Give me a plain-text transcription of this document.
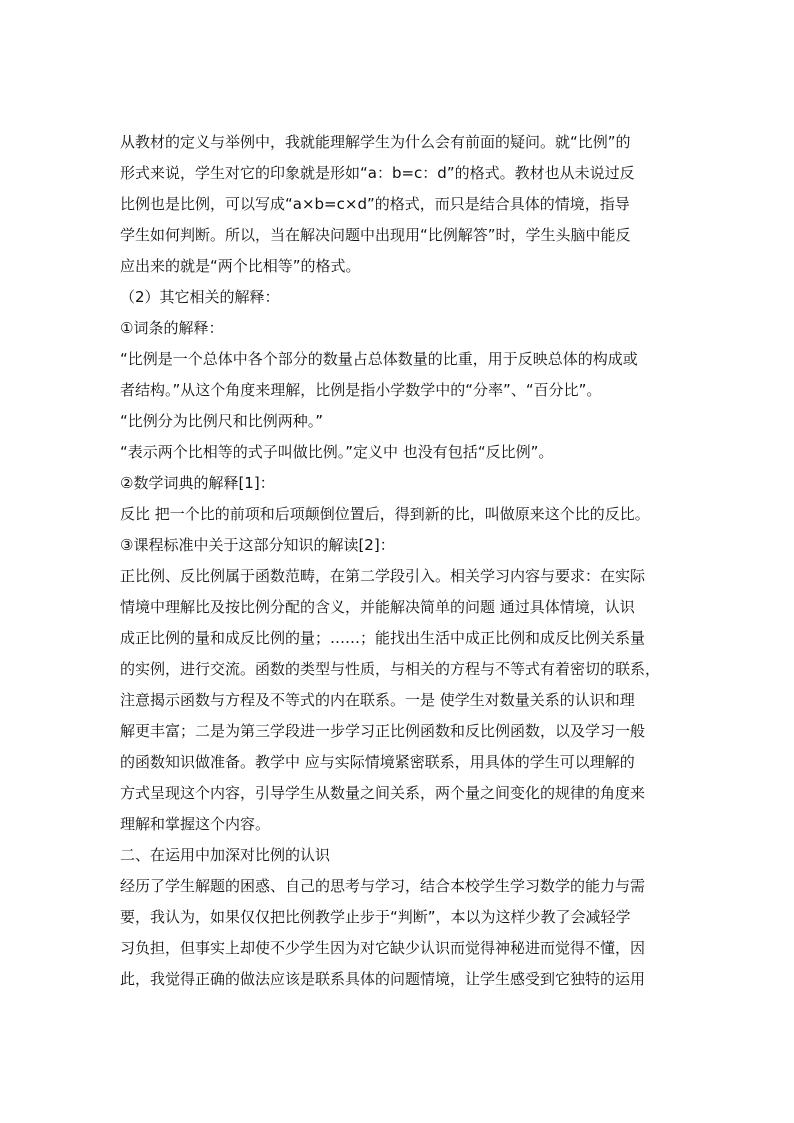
从教材的定义与举例中，我就能理解学生为什么会有前面的疑问。就“比例”的
形式来说，学生对它的印象就是形如“a：b=c：d”的格式。教材也从未说过反
比例也是比例，可以写成“a×b=c×d”的格式，而只是结合具体的情境，指导
学生如何判断。所以，当在解决问题中出现用“比例解答”时，学生头脑中能反
应出来的就是“两个比相等”的格式。
（2）其它相关的解释：
①词条的解释：
“比例是一个总体中各个部分的数量占总体数量的比重，用于反映总体的构成或
者结构。”从这个角度来理解，比例是指小学数学中的“分率”、“百分比”。
“比例分为比例尺和比例两种。”
“表示两个比相等的式子叫做比例。”定义中 也没有包括“反比例”。
②数学词典的解释[1]：
反比 把一个比的前项和后项颠倒位置后，得到新的比，叫做原来这个比的反比。
③课程标准中关于这部分知识的解读[2]：
正比例、反比例属于函数范畴，在第二学段引入。相关学习内容与要求：在实际
情境中理解比及按比例分配的含义，并能解决简单的问题 通过具体情境，认识
成正比例的量和成反比例的量；……；能找出生活中成正比例和成反比例关系量
的实例，进行交流。函数的类型与性质，与相关的方程与不等式有着密切的联系，
注意揭示函数与方程及不等式的内在联系。一是 使学生对数量关系的认识和理
解更丰富；二是为第三学段进一步学习正比例函数和反比例函数，以及学习一般
的函数知识做准备。教学中 应与实际情境紧密联系，用具体的学生可以理解的
方式呈现这个内容，引导学生从数量之间关系，两个量之间变化的规律的角度来
理解和掌握这个内容。
二、在运用中加深对比例的认识
经历了学生解题的困惑、自己的思考与学习，结合本校学生学习数学的能力与需
要，我认为，如果仅仅把比例教学止步于“判断”，本以为这样少教了会减轻学
习负担，但事实上却使不少学生因为对它缺少认识而觉得神秘进而觉得不懂，因
此，我觉得正确的做法应该是联系具体的问题情境，让学生感受到它独特的运用
